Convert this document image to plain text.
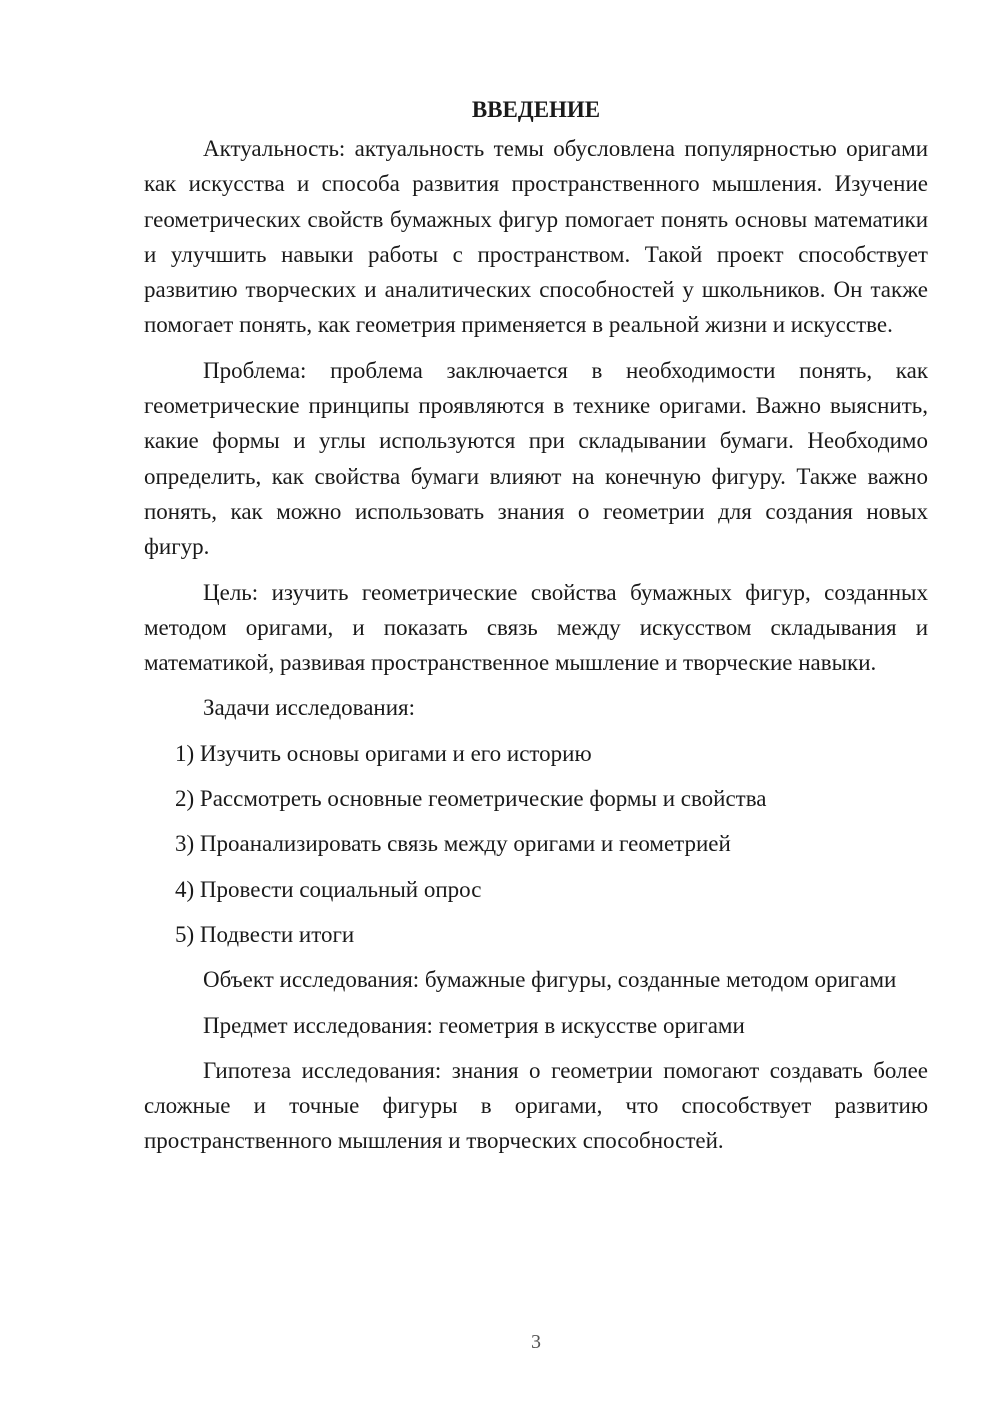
ВВЕДЕНИЕ

Актуальность: актуальность темы обусловлена популярностью оригами как искусства и способа развития пространственного мышления. Изучение геометрических свойств бумажных фигур помогает понять основы математики и улучшить навыки работы с пространством. Такой проект способствует развитию творческих и аналитических способностей у школьников. Он также помогает понять, как геометрия применяется в реальной жизни и искусстве.

Проблема: проблема заключается в необходимости понять, как геометрические принципы проявляются в технике оригами. Важно выяснить, какие формы и углы используются при складывании бумаги. Необходимо определить, как свойства бумаги влияют на конечную фигуру. Также важно понять, как можно использовать знания о геометрии для создания новых фигур.

Цель: изучить геометрические свойства бумажных фигур, созданных методом оригами, и показать связь между искусством складывания и математикой, развивая пространственное мышление и творческие навыки.

Задачи исследования:

1) Изучить основы оригами и его историю

2) Рассмотреть основные геометрические формы и свойства

3) Проанализировать связь между оригами и геометрией

4) Провести социальный опрос

5) Подвести итоги

Объект исследования: бумажные фигуры, созданные методом оригами

Предмет исследования: геометрия в искусстве оригами

Гипотеза исследования: знания о геометрии помогают создавать более сложные и точные фигуры в оригами, что способствует развитию пространственного мышления и творческих способностей.

3
